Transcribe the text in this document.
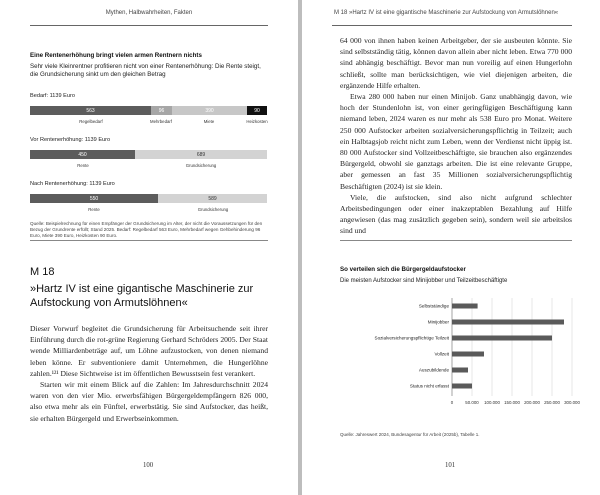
Mythen, Halbwahrheiten, Fakten
Eine Rentenerhöhung bringt vielen armen Rentnern nichts
Sehr viele Kleinrentner profitieren nicht von einer Rentenerhöhung: Die Rente steigt, die Grundsicherung sinkt um den gleichen Betrag
Bedarf: 1139 Euro
563	96	390	90
Regelbedarf	Mehrbedarf	Miete	Heizkosten
Vor Rentenerhöhung: 1139 Euro
450	689
Rente	Grundsicherung
Nach Rentenerhöhung: 1139 Euro
550	589
Rente	Grundsicherung
Quelle: Beispielrechnung für einen Empfänger der Grundsicherung im Alter, der nicht die Voraussetzungen für den Bezug der Grundrente erfüllt; Stand 2025. Bedarf: Regelbedarf 563 Euro, Mehrbedarf wegen Gehbehinderung 96 Euro, Miete 390 Euro, Heizkosten 90 Euro.
M 18
»Hartz IV ist eine gigantische Maschinerie zur Aufstockung von Armutslöhnen«

Dieser Vorwurf begleitet die Grundsicherung für Arbeitsuchende seit ihrer Einführung durch die rot-grüne Regierung Gerhard Schröders 2005. Der Staat wende Milliardenbeträge auf, um Löhne aufzustocken, von denen niemand leben könne. Er subventioniere damit Unternehmen, die Hungerlöhne zahlen.¹²¹ Diese Sichtweise ist im öffentlichen Bewusstsein fest verankert.

Starten wir mit einem Blick auf die Zahlen: Im Jahresdurchschnitt 2024 waren von den vier Mio. erwerbsfähigen Bürgergeldempfängern 826 000, also etwa mehr als ein Fünftel, erwerbstätig. Sie sind Aufstocker, das heißt, sie erhalten Bürgergeld und Erwerbseinkommen.

100
M 18 »Hartz IV ist eine gigantische Maschinerie zur Aufstockung von Armutslöhnen«

64 000 von ihnen haben keinen Arbeitgeber, der sie ausbeuten könnte. Sie sind selbstständig tätig, können davon allein aber nicht leben. Etwa 770 000 sind abhängig beschäftigt. Bevor man nun voreilig auf einen Hungerlohn schließt, sollte man berücksichtigen, wie viel diejenigen arbeiten, die ergänzende Hilfe erhalten.

Etwa 280 000 haben nur einen Minijob. Ganz unabhängig davon, wie hoch der Stundenlohn ist, von einer geringfügigen Beschäftigung kann niemand leben, 2024 waren es nur mehr als 538 Euro pro Monat. Weitere 250 000 Aufstocker arbeiten sozialversicherungspflichtig in Teilzeit; auch ein Halbtagsjob reicht nicht zum Leben, wenn der Verdienst nicht üppig ist. 80 000 Aufstocker sind Vollzeitbeschäftigte, sie brauchen also ergänzendes Bürgergeld, obwohl sie ganztags arbeiten. Die ist eine relevante Gruppe, aber gemessen an fast 35 Millionen sozialversicherungspflichtig Beschäftigten (2024) ist sie klein.

Viele, die aufstocken, sind also nicht aufgrund schlechter Arbeitsbedingungen oder einer inakzeptablen Bezahlung auf Hilfe angewiesen (das mag zusätzlich gegeben sein), sondern weil sie arbeitslos sind und

So verteilen sich die Bürgergeldaufstocker
Die meisten Aufstocker sind Minijobber und Teilzeitbeschäftigte
0	50.000 100.000 150.000 200.000 250.000 300.000
Selbstständige
Minijobber
Sozialversicherungspflichtige Teilzeit
Vollzeit
Auszubildende
Status nicht erfasst
Quelle: Jahreswert 2024, Bundesagentur für Arbeit (2025b), Tabelle 1.
101
